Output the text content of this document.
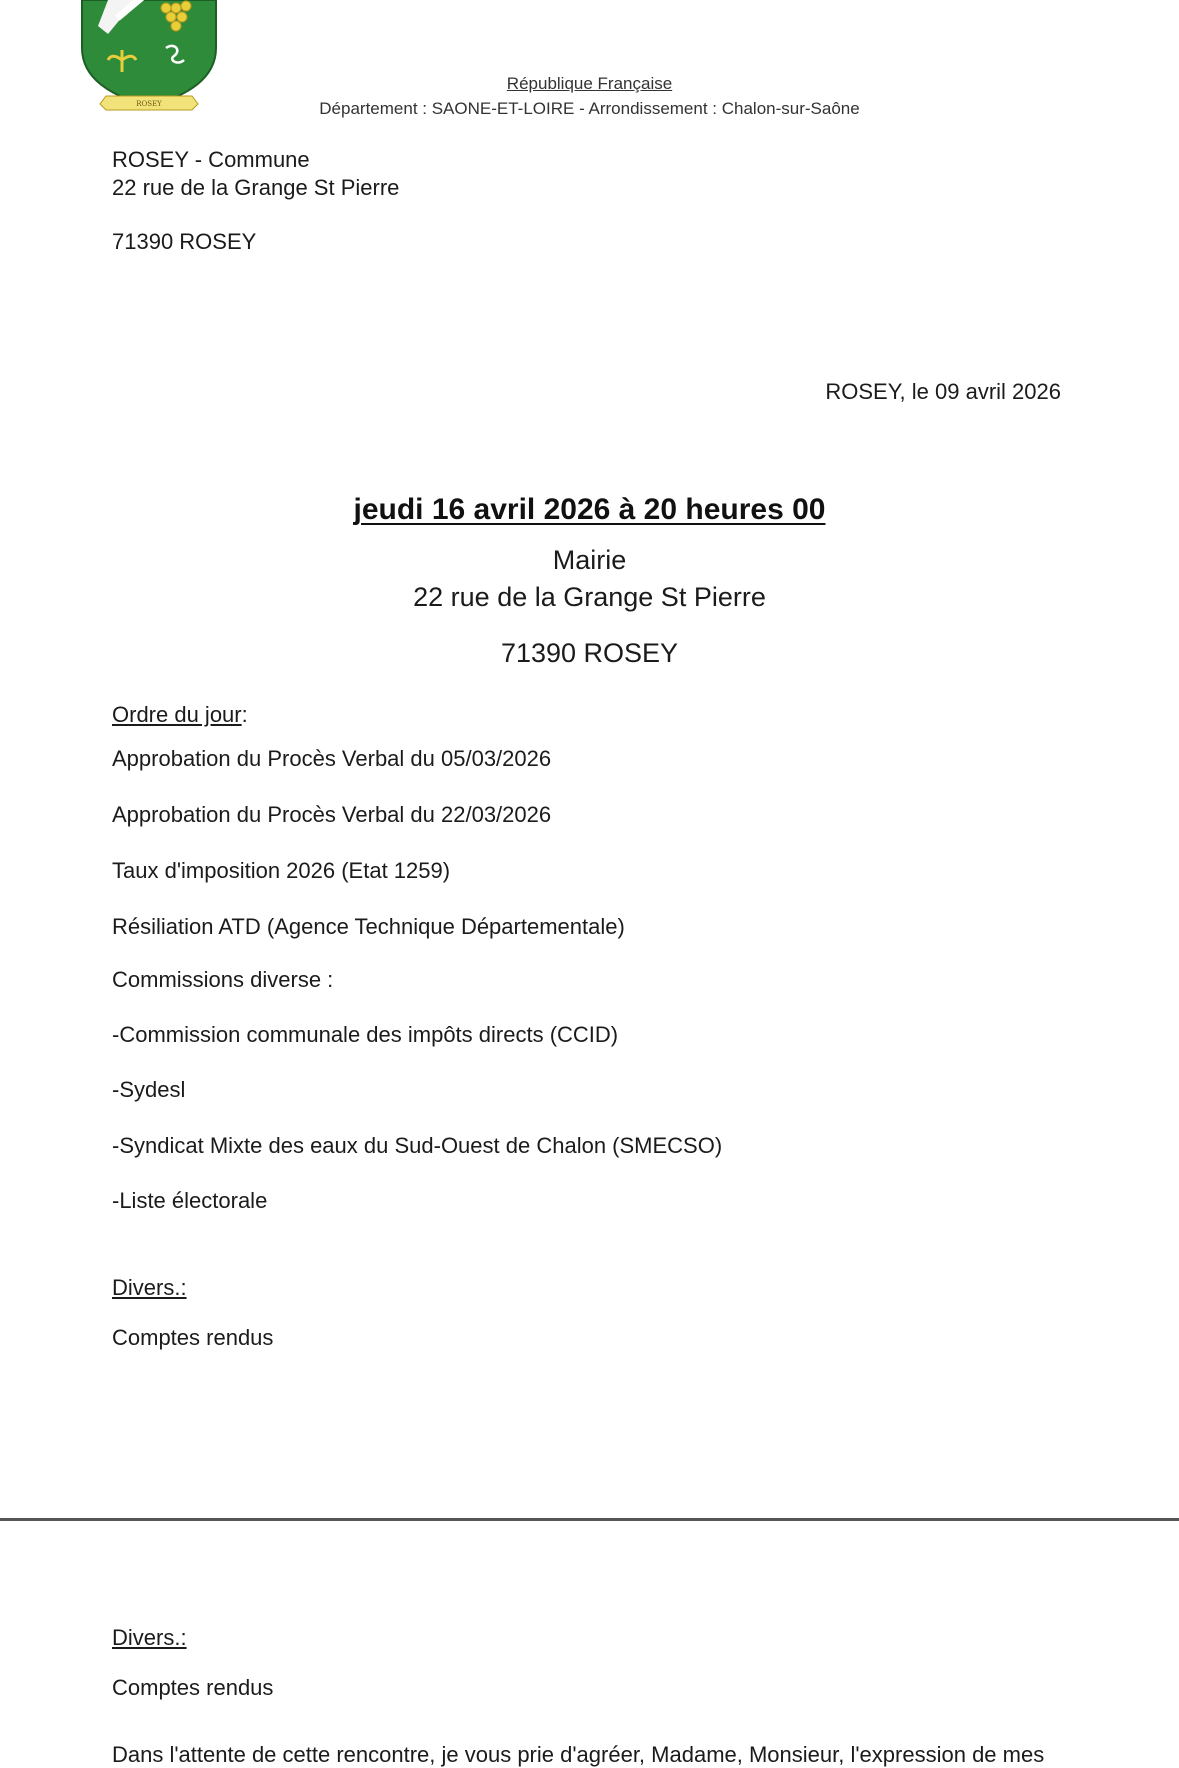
ROSEY
République Française
Département : SAONE-ET-LOIRE - Arrondissement : Chalon-sur-Saône
ROSEY - Commune
22 rue de la Grange St Pierre
71390 ROSEY
ROSEY, le 09 avril 2026
jeudi 16 avril 2026 à 20 heures 00
Mairie
22 rue de la Grange St Pierre
71390 ROSEY
Ordre du jour:
Approbation du Procès Verbal du 05/03/2026
Approbation du Procès Verbal du 22/03/2026
Taux d'imposition 2026 (Etat 1259)
Résiliation ATD (Agence Technique Départementale)
Commissions diverse :
-Commission communale des impôts directs (CCID)
-Sydesl
-Syndicat Mixte des eaux du Sud-Ouest de Chalon (SMECSO)
-Liste électorale
Divers.:
Comptes rendus
Divers.:
Comptes rendus
Dans l'attente de cette rencontre, je vous prie d'agréer, Madame, Monsieur, l'expression de mes
